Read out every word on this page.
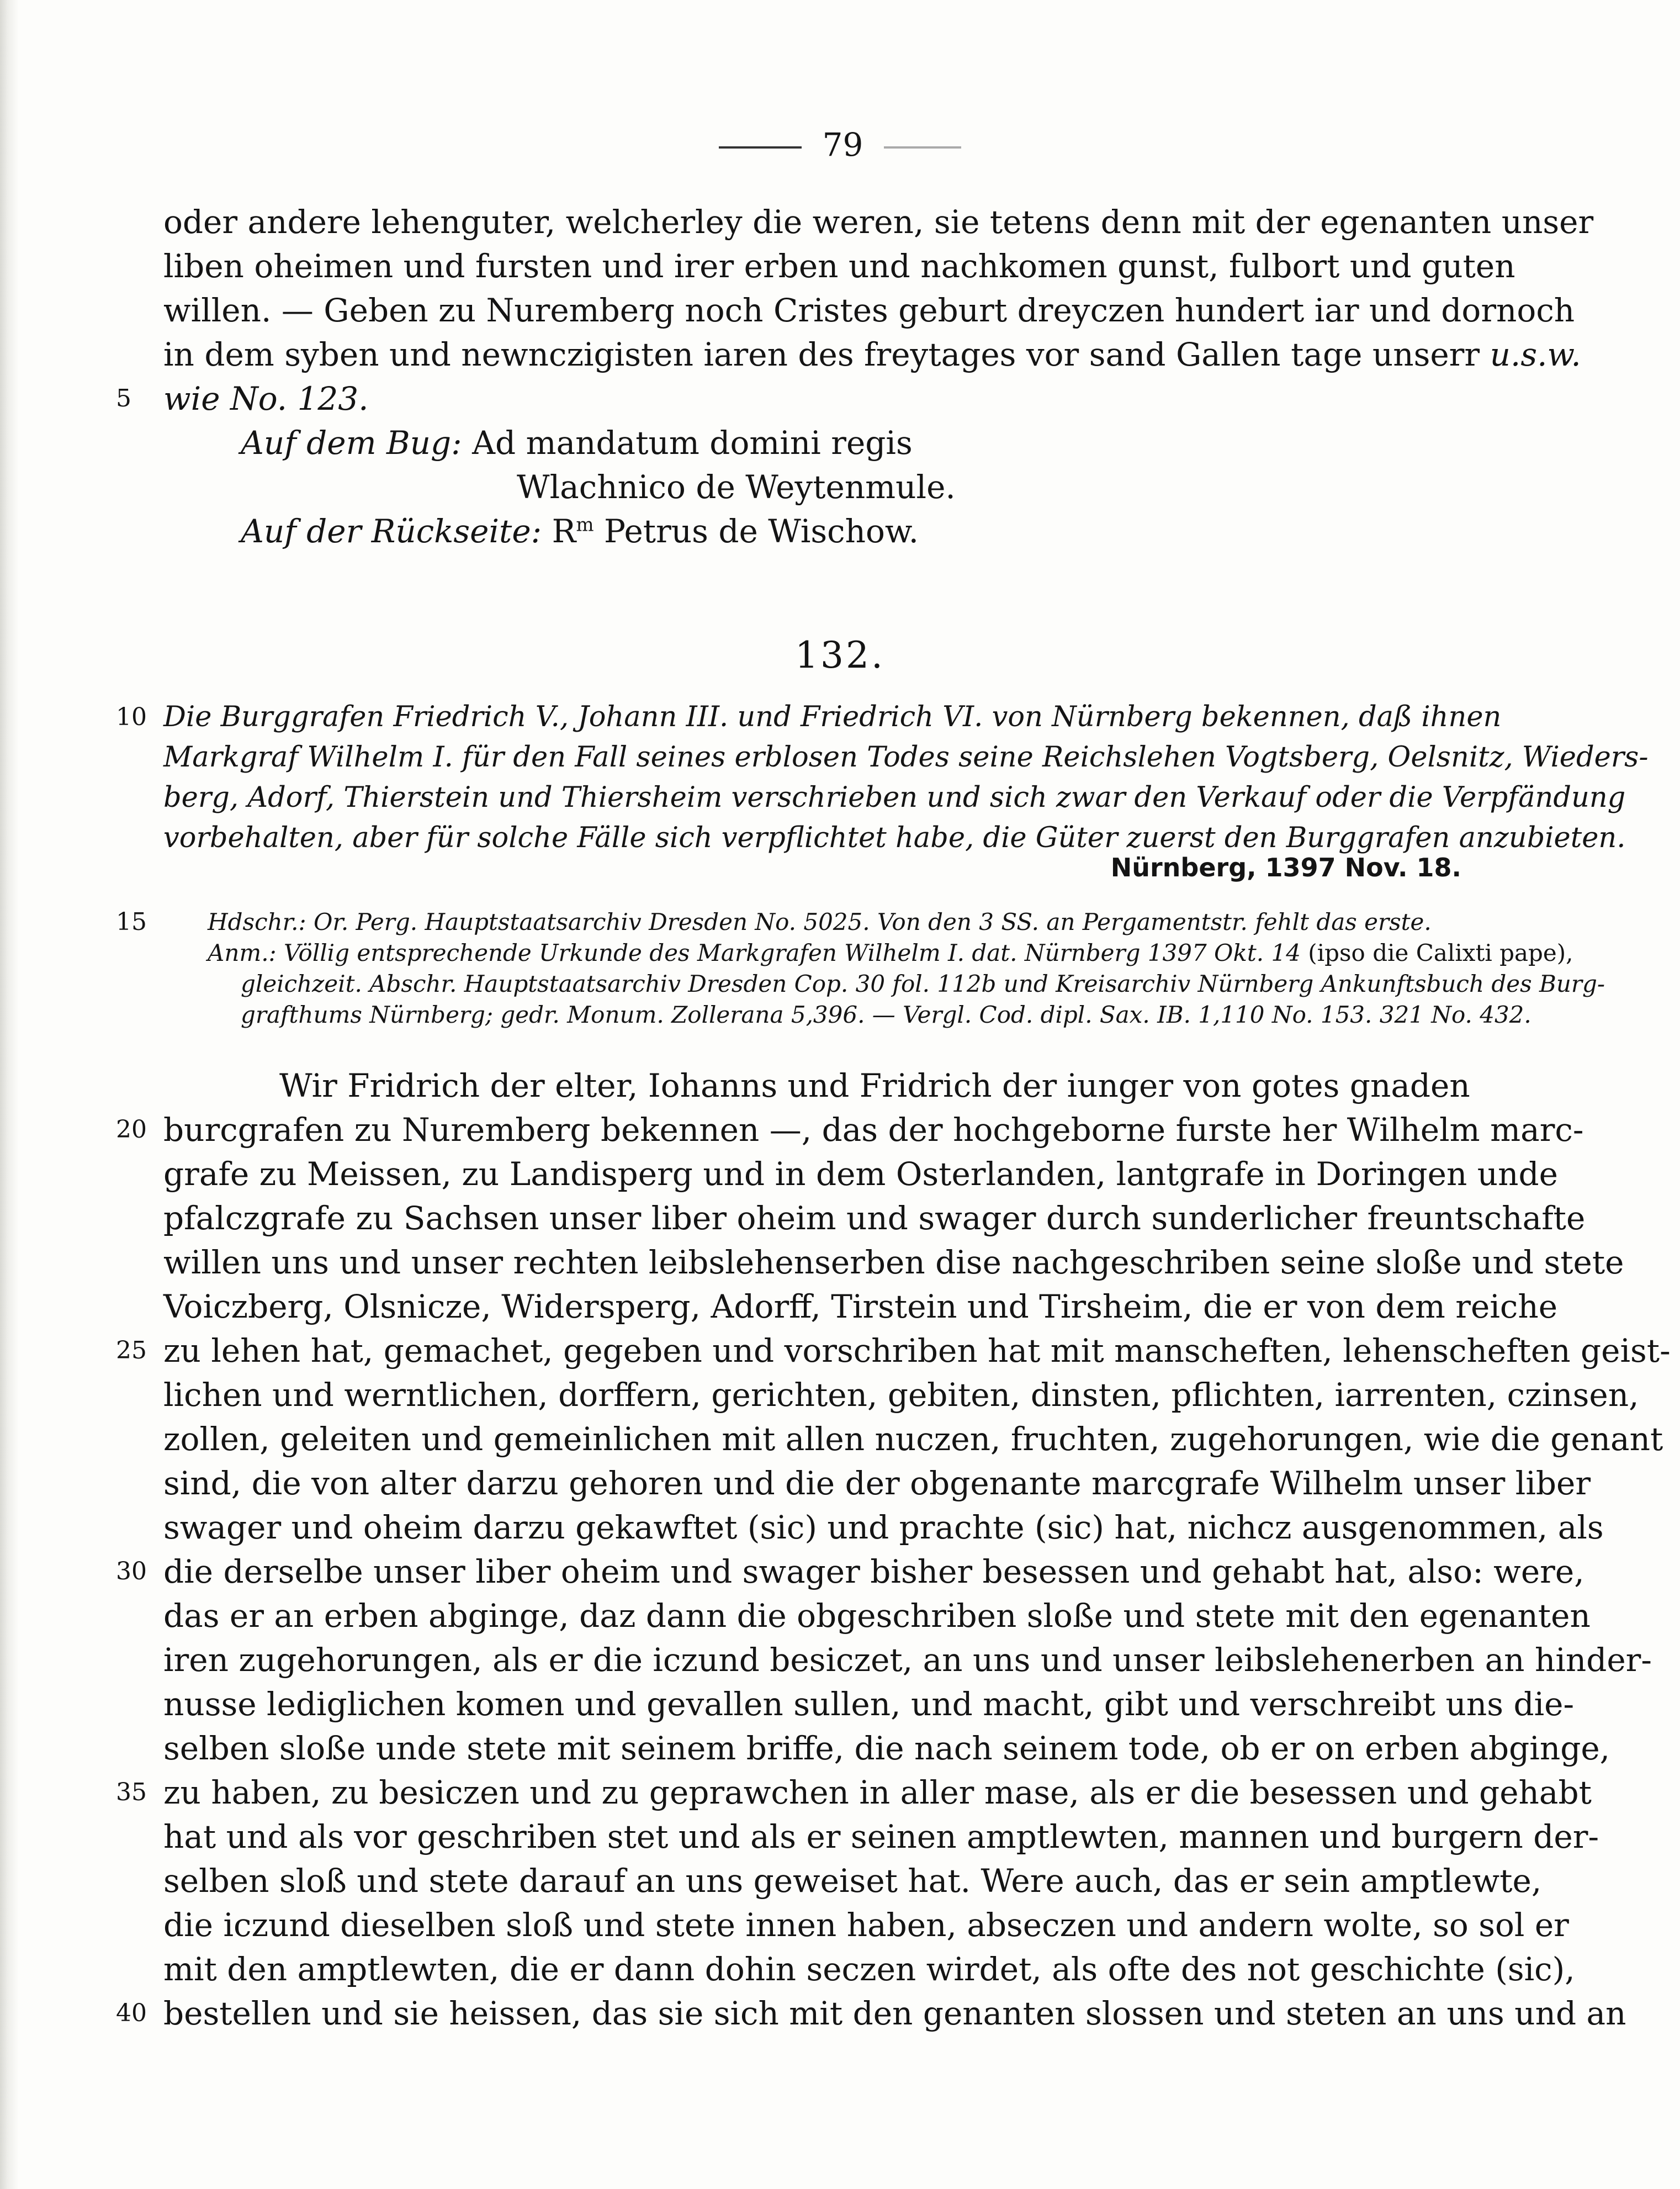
79
oder andere lehenguter, welcherley die weren, sie tetens denn mit der egenanten unser
liben oheimen und fursten und irer erben und nachkomen gunst, fulbort und guten
willen. — Geben zu Nuremberg noch Cristes geburt dreyczen hundert iar und dornoch
in dem syben und newnczigisten iaren des freytages vor sand Gallen tage unserr u.s.w.
wie No. 123.
Auf dem Bug: Ad mandatum domini regis
Wlachnico de Weytenmule.
Auf der Rückseite: $R^m$ Petrus de Wischow.
5
132.
Die Burggrafen Friedrich V., Johann III. und Friedrich VI. von Nürnberg bekennen, daß ihnen
Markgraf Wilhelm I. für den Fall seines erblosen Todes seine Reichslehen Vogtsberg, Oelsnitz, Wieders-
berg, Adorf, Thierstein und Thiersheim verschrieben und sich zwar den Verkauf oder die Verpfändung
vorbehalten, aber für solche Fälle sich verpflichtet habe, die Güter zuerst den Burggrafen anzubieten.
10
Nürnberg, 1397 Nov. 18.
Hdschr.: Or. Perg. Hauptstaatsarchiv Dresden No. 5025. Von den 3 SS. an Pergamentstr. fehlt das erste.
Anm.: Völlig entsprechende Urkunde des Markgrafen Wilhelm I. dat. Nürnberg 1397 Okt. 14 (ipso die Calixti pape),
gleichzeit. Abschr. Hauptstaatsarchiv Dresden Cop. 30 fol. 112b und Kreisarchiv Nürnberg Ankunftsbuch des Burg-
grafthums Nürnberg; gedr. Monum. Zollerana 5,396. — Vergl. Cod. dipl. Sax. IB. 1,110 No. 153. 321 No. 432.
15
Wir Fridrich der elter, Iohanns und Fridrich der iunger von gotes gnaden
burcgrafen zu Nuremberg bekennen —, das der hochgeborne furste her Wilhelm marc-
grafe zu Meissen, zu Landisperg und in dem Osterlanden, lantgrafe in Doringen unde
pfalczgrafe zu Sachsen unser liber oheim und swager durch sunderlicher freuntschafte
willen uns und unser rechten leibslehenserben dise nachgeschriben seine sloße und stete
Voiczberg, Olsnicze, Widersperg, Adorff, Tirstein und Tirsheim, die er von dem reiche
zu lehen hat, gemachet, gegeben und vorschriben hat mit manscheften, lehenscheften geist-
lichen und werntlichen, dorffern, gerichten, gebiten, dinsten, pflichten, iarrenten, czinsen,
zollen, geleiten und gemeinlichen mit allen nuczen, fruchten, zugehorungen, wie die genant
sind, die von alter darzu gehoren und die der obgenante marcgrafe Wilhelm unser liber
swager und oheim darzu gekawftet (sic) und prachte (sic) hat, nichcz ausgenommen, als
die derselbe unser liber oheim und swager bisher besessen und gehabt hat, also: were,
das er an erben abginge, daz dann die obgeschriben sloße und stete mit den egenanten
iren zugehorungen, als er die iczund besiczet, an uns und unser leibslehenerben an hinder-
nusse lediglichen komen und gevallen sullen, und macht, gibt und verschreibt uns die-
selben sloße unde stete mit seinem briffe, die nach seinem tode, ob er on erben abginge,
zu haben, zu besiczen und zu geprawchen in aller mase, als er die besessen und gehabt
hat und als vor geschriben stet und als er seinen amptlewten, mannen und burgern der-
selben sloß und stete darauf an uns geweiset hat. Were auch, das er sein amptlewte,
die iczund dieselben sloß und stete innen haben, abseczen und andern wolte, so sol er
mit den amptlewten, die er dann dohin seczen wirdet, als ofte des not geschichte (sic),
bestellen und sie heissen, das sie sich mit den genanten slossen und steten an uns und an
20
25
30
35
40
